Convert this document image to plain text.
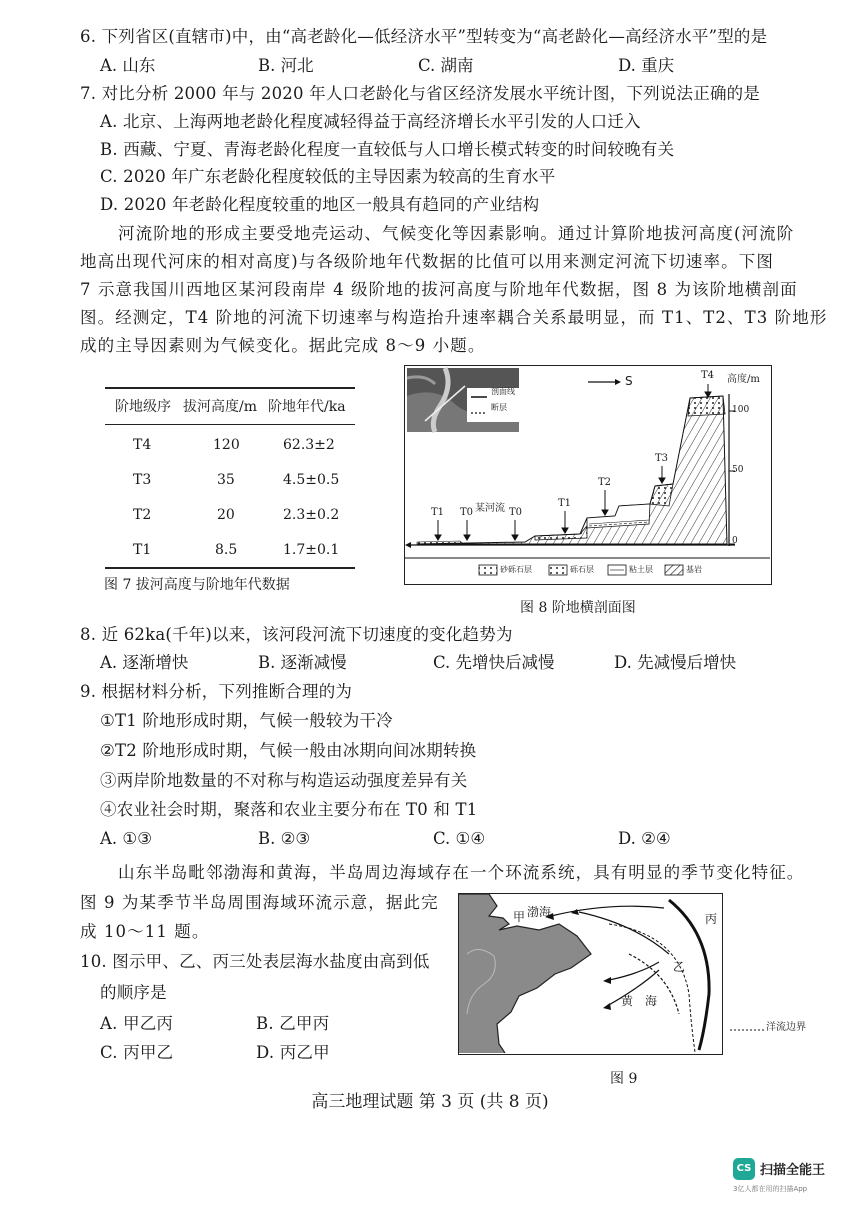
6. 下列省区(直辖市)中，由“高老龄化—低经济水平”型转变为“高老龄化—高经济水平”型的是
A. 山东	B. 河北	C. 湖南	D. 重庆
7. 对比分析 2000 年与 2020 年人口老龄化与省区经济发展水平统计图，下列说法正确的是
A. 北京、上海两地老龄化程度减轻得益于高经济增长水平引发的人口迁入
B. 西藏、宁夏、青海老龄化程度一直较低与人口增长模式转变的时间较晚有关
C. 2020 年广东老龄化程度较低的主导因素为较高的生育水平
D. 2020 年老龄化程度较重的地区一般具有趋同的产业结构
河流阶地的形成主要受地壳运动、气候变化等因素影响。通过计算阶地拔河高度(河流阶
地高出现代河床的相对高度)与各级阶地年代数据的比值可以用来测定河流下切速率。下图
7 示意我国川西地区某河段南岸 4 级阶地的拔河高度与阶地年代数据，图 8 为该阶地横剖面
图。经测定，T4 阶地的河流下切速率与构造抬升速率耦合关系最明显，而 T1、T2、T3 阶地形
成的主导因素则为气候变化。据此完成 8～9 小题。
阶地级序 拔河高度/m 阶地年代/ka
T4	120	62.3±2
T3	35	4.5±0.5
T2	20	2.3±0.2
T1	8.5	1.7±0.1
图 7 拔河高度与阶地年代数据
剖面线
断层
S	高度/m
T4
100
50
0
T3
T2
T1
T1 T0 某河流 T0
砂砾石层	砾石层	粘土层	基岩
图 8 阶地横剖面图
8. 近 62ka(千年)以来，该河段河流下切速度的变化趋势为
A. 逐渐增快	B. 逐渐减慢	C. 先增快后减慢	D. 先减慢后增快
9. 根据材料分析，下列推断合理的为
①T1 阶地形成时期，气候一般较为干冷
②T2 阶地形成时期，气候一般由冰期向间冰期转换
③两岸阶地数量的不对称与构造运动强度差异有关
④农业社会时期，聚落和农业主要分布在 T0 和 T1
A. ①③	B. ②③	C. ①④	D. ②④
山东半岛毗邻渤海和黄海，半岛周边海域存在一个环流系统，具有明显的季节变化特征。
图 9 为某季节半岛周围海域环流示意，据此完
成 10～11 题。
10. 图示甲、乙、丙三处表层海水盐度由高到低
的顺序是
A. 甲乙丙	B. 乙甲丙
C. 丙甲乙	D. 丙乙甲
甲 渤海	丙
乙
黄 海
洋流边界
图 9
高三地理试题 第 3 页 (共 8 页)
CS 扫描全能王
3亿人都在用的扫描App
